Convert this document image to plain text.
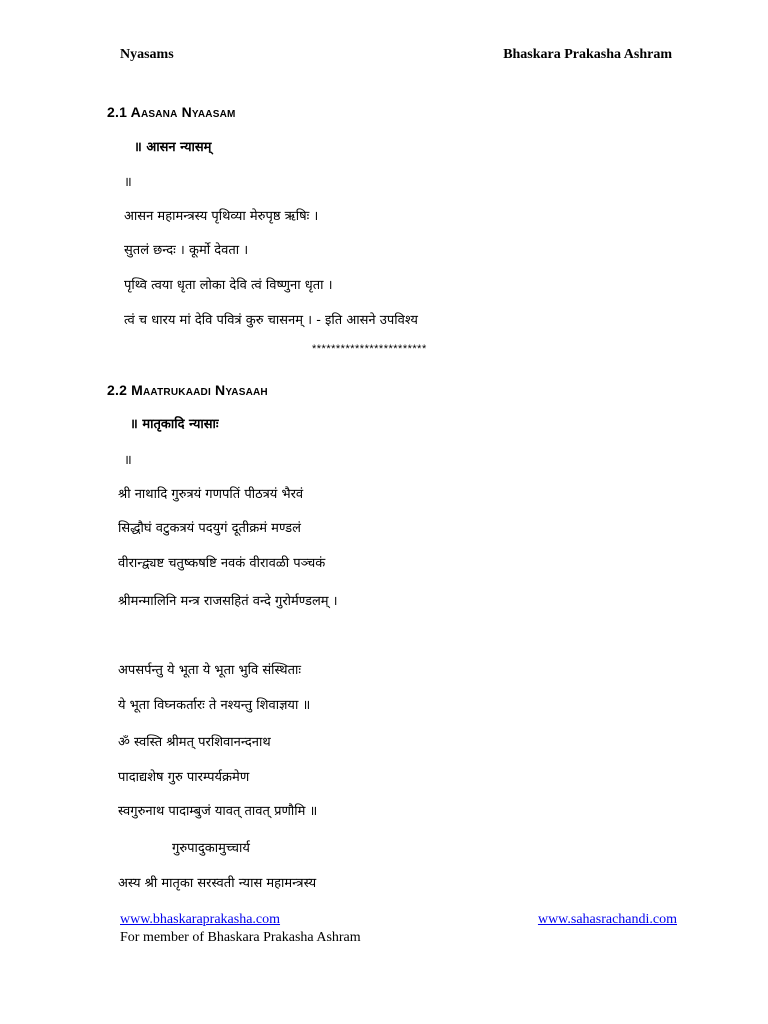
Nyasams	Bhaskara Prakasha Ashram
2.1 Aasana Nyaasam
॥ आसन न्यासम्
॥
आसन महामन्त्रस्य पृथिव्या मेरुपृष्ठ ऋषिः ।
सुतलं छन्दः । कूर्मो देवता ।
पृथ्वि त्वया धृता लोका देवि त्वं विष्णुना धृता ।
त्वं च धारय मां देवि पवित्रं कुरु चासनम् । - इति आसने उपविश्य
************************
2.2 Maatrukaadi Nyasaah
॥ मातृकादि न्यासाः
॥
श्री नाथादि गुरुत्रयं गणपतिं पीठत्रयं भैरवं
सिद्धौघं वटुकत्रयं पदयुगं दूतीक्रमं मण्डलं
वीरान्द्व्यष्ट चतुष्कषष्टि नवकं वीरावळी पञ्चकं
श्रीमन्मालिनि मन्त्र राजसहितं वन्दे गुरोर्मण्डलम् ।
अपसर्पन्तु ये भूता ये भूता भुवि संस्थिताः
ये भूता विघ्नकर्तारः ते नश्यन्तु शिवाज्ञया ॥
ॐ स्वस्ति श्रीमत् परशिवानन्दनाथ
पादाद्यशेष गुरु पारम्पर्यक्रमेण
स्वगुरुनाथ पादाम्बुजं यावत् तावत् प्रणौमि ॥
गुरुपादुकामुच्चार्य
अस्य श्री मातृका सरस्वती न्यास महामन्त्रस्य
www.bhaskaraprakasha.com	www.sahasrachandi.com
For member of Bhaskara Prakasha Ashram
